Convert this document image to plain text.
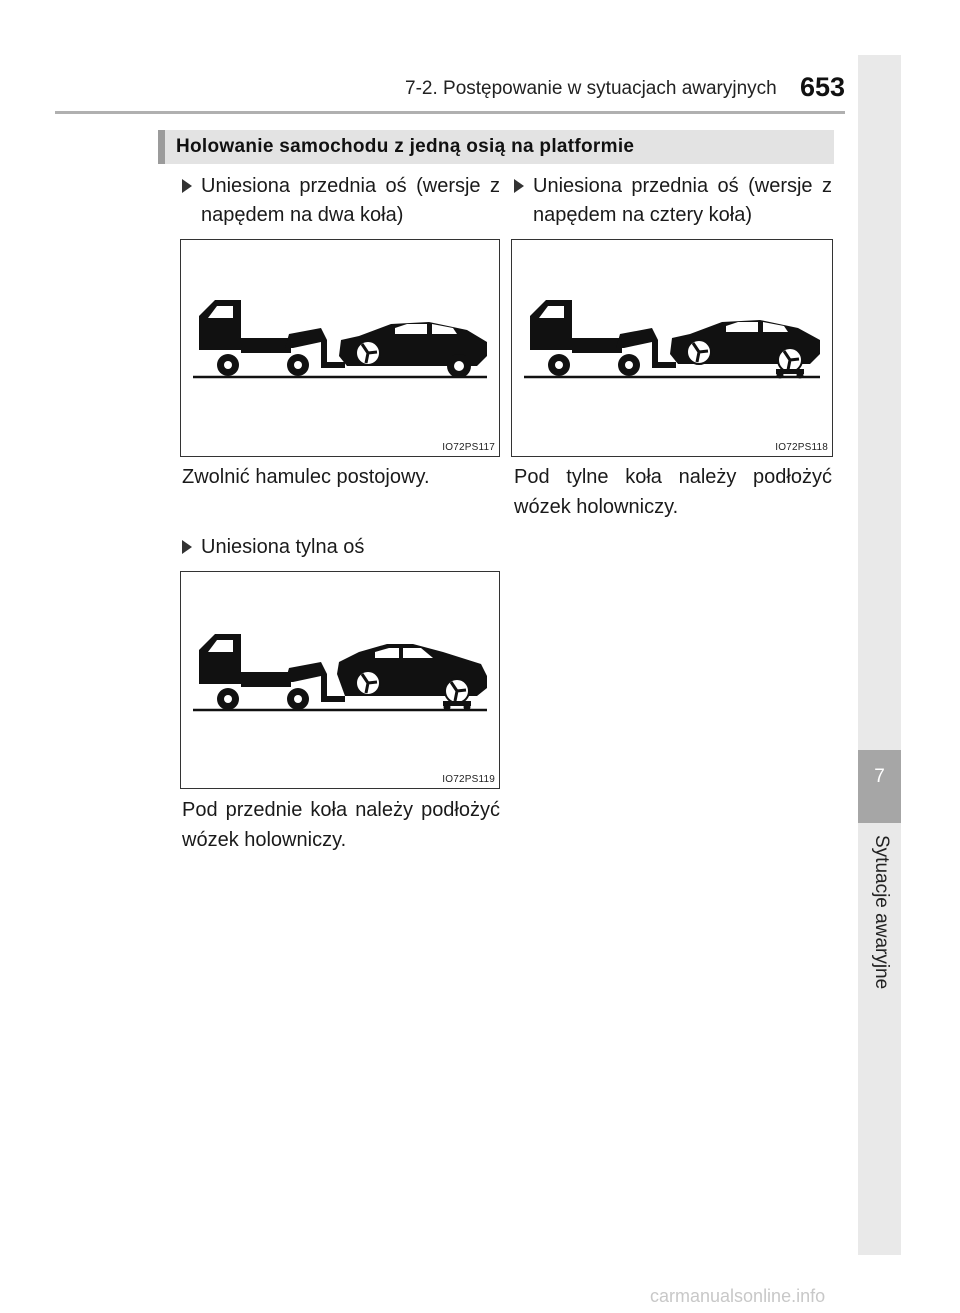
7-2. Postępowanie w sytuacjach awaryjnych 653
7
Sytuacje awaryjne
Holowanie samochodu z jedną osią na platformie
Uniesiona przednia oś (wersje z napędem na dwa koła)
IO72PS117
Zwolnić hamulec postojowy.
Uniesiona przednia oś (wersje z napędem na cztery koła)
IO72PS118
Pod tylne koła należy podłożyć wózek holowniczy.
Uniesiona tylna oś
IO72PS119
Pod przednie koła należy podłożyć wózek holowniczy.
carmanualsonline.info
